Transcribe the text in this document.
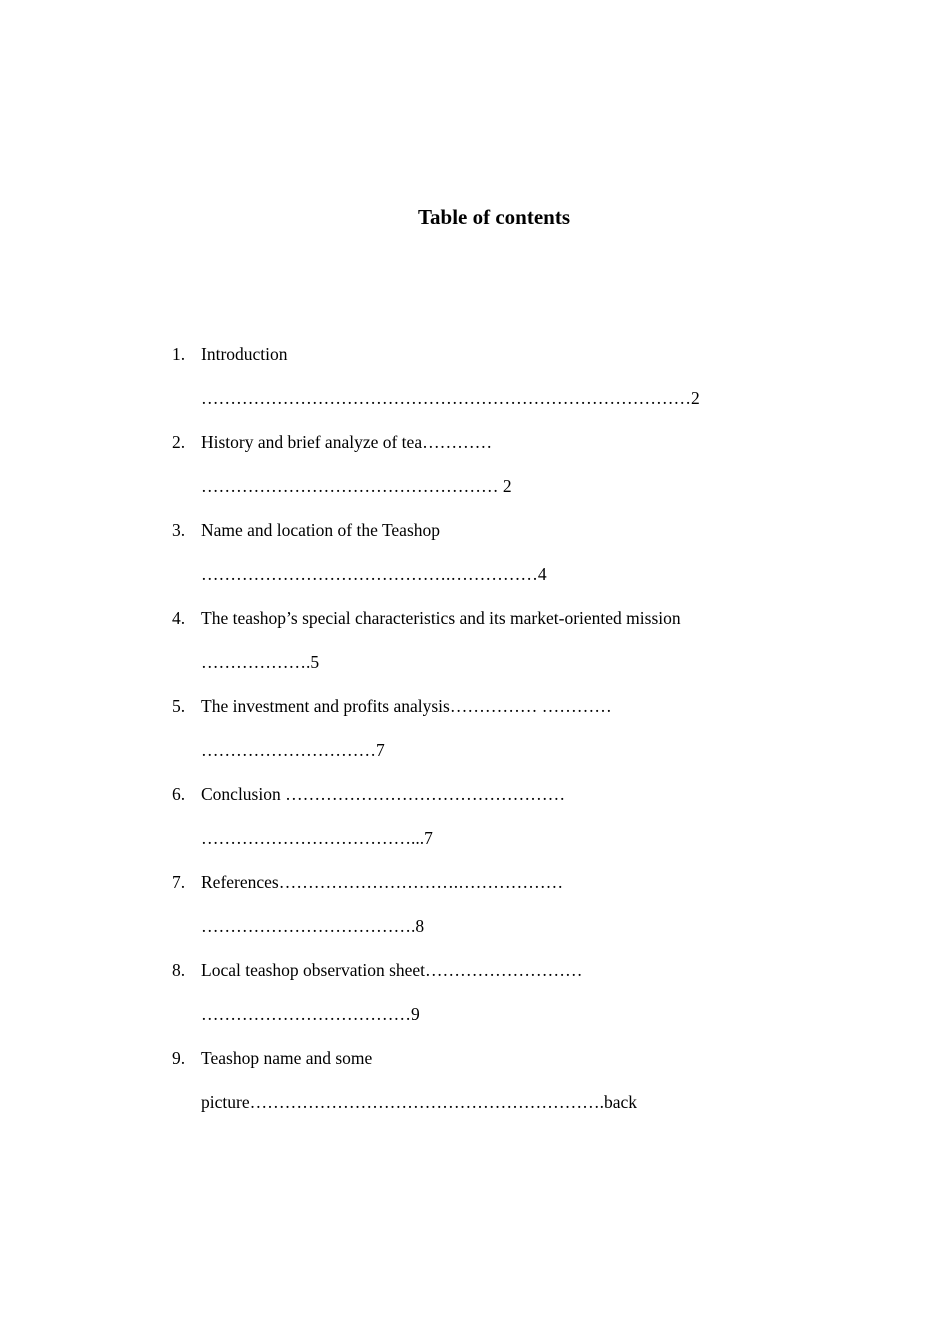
Table of contents
1. Introduction
…………………………………………………………………………2
2. History and brief analyze of tea…………
…………………………………………… 2
3. Name and location of the Teashop
…………………………………….……………4
4. The teashop’s special characteristics and its market-oriented mission
……………….5
5. The investment and profits analysis…………… …………
…………………………7
6. Conclusion …………………………………………
………………………………...7
7. References………………………….………………
……………………………….8
8. Local teashop observation sheet………………………
………………………………9
9. Teashop name and some
picture…………………………………………………….back
